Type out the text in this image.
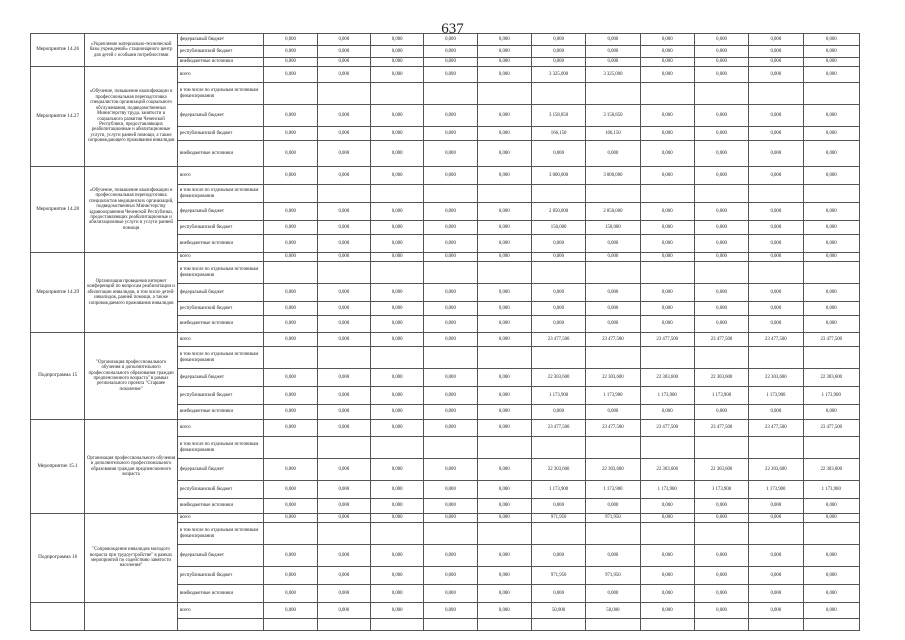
637
Мероприятие 14.26	«Укрепление материально-технической базы учреждений» стационарного центр для детей с особыми потребностями	федеральный бюджет	0,000	0,000	0,000	0,000	0,000	0,000	0,000	0,000	0,000	0,000	0,000
		республиканский бюджет	0,000	0,000	0,000	0,000	0,000	0,000	0,000	0,000	0,000	0,000	0,000
		внебюджетные источники	0,000	0,000	0,000	0,000	0,000	0,000	0,000	0,000	0,000	0,000	0,000
Мероприятие 14.27	«Обучение, повышение квалификации и профессиональная переподготовка специалистов организаций социального обслуживания, подведомственных Министерству труда, занятости и социального развития Чеченской Республики, предоставляющих реабилитационные и абилитационные услуги, услуги ранней помощи, а также сопровождающего проживания инвалидов	всего	0,000	0,000	0,000	0,000	0,000	3 325,000	3 325,000	0,000	0,000	0,000	0,000
		в том числе по отдельным источникам финансирования											
		федеральный бюджет	0,000	0,000	0,000	0,000	0,000	3 158,850	3 158,850	0,000	0,000	0,000	0,000
		республиканский бюджет	0,000	0,000	0,000	0,000	0,000	166,150	166,150	0,000	0,000	0,000	0,000
		внебюджетные источники	0,000	0,000	0,000	0,000	0,000	0,000	0,000	0,000	0,000	0,000	0,000
Мероприятие 14.28	«Обучение, повышение квалификации и профессиональная переподготовка специалистов медицинских организаций, подведомственных Министерству здравоохранения Чеченской Республики, предоставляющих реабилитационные и абилитационные услуги и услуги ранней помощи	всего	0,000	0,000	0,000	0,000	0,000	3 000,000	3 000,000	0,000	0,000	0,000	0,000
		в том числе по отдельным источникам финансирования											
		федеральный бюджет	0,000	0,000	0,000	0,000	0,000	2 850,000	2 850,000	0,000	0,000	0,000	0,000
		республиканский бюджет	0,000	0,000	0,000	0,000	0,000	150,000	150,000	0,000	0,000	0,000	0,000
		внебюджетные источники	0,000	0,000	0,000	0,000	0,000	0,000	0,000	0,000	0,000	0,000	0,000
Мероприятие 14.29	Организация проведения интернет конференций по вопросам реабилитации и абилитации инвалидов, в том числе детей-инвалидов, ранней помощи, а также сопровождаемого проживания инвалидов	всего	0,000	0,000	0,000	0,000	0,000	0,000	0,000	0,000	0,000	0,000	0,000
		в том числе по отдельным источникам финансирования											
		федеральный бюджет	0,000	0,000	0,000	0,000	0,000	0,000	0,000	0,000	0,000	0,000	0,000
		республиканский бюджет	0,000	0,000	0,000	0,000	0,000	0,000	0,000	0,000	0,000	0,000	0,000
		внебюджетные источники	0,000	0,000	0,000	0,000	0,000	0,000	0,000	0,000	0,000	0,000	0,000
Подпрограмма 15	"Организация профессионального обучения и дополнительного профессионального образования граждан предпенсионного возраста" в рамках регионального проекта "Старшее поколение"	всего	0,000	0,000	0,000	0,000	0,000	23 477,500	23 477,500	23 477,500	23 477,500	23 477,500	23 477,500
		в том числе по отдельным источникам финансирования											
		федеральный бюджет	0,000	0,000	0,000	0,000	0,000	22 303,600	22 303,600	22 303,600	22 303,600	22 303,600	22 303,600
		республиканский бюджет	0,000	0,000	0,000	0,000	0,000	1 173,900	1 173,900	1 173,900	1 173,900	1 173,900	1 173,900
		внебюджетные источники	0,000	0,000	0,000	0,000	0,000	0,000	0,000	0,000	0,000	0,000	0,000
Мероприятие 15.1	Организация профессионального обучения и дополнительного профессионального образования граждан предпенсионного возраста	всего	0,000	0,000	0,000	0,000	0,000	23 477,500	23 477,500	23 477,500	23 477,500	23 477,500	23 477,500
		в том числе по отдельным источникам финансирования											
		федеральный бюджет	0,000	0,000	0,000	0,000	0,000	22 303,600	22 303,600	22 303,600	22 303,600	22 303,600	22 303,600
		республиканский бюджет	0,000	0,000	0,000	0,000	0,000	1 173,900	1 173,900	1 173,900	1 173,900	1 173,900	1 173,900
		внебюджетные источники	0,000	0,000	0,000	0,000	0,000	0,000	0,000	0,000	0,000	0,000	0,000
Подпрограмма 16	"Сопровождение инвалидов молодого возраста при трудоустройстве" в рамках мероприятий по содействию занятости населения"	всего	0,000	0,000	0,000	0,000	0,000	971,950	971,950	0,000	0,000	0,000	0,000
		в том числе по отдельным источникам финансирования											
		федеральный бюджет	0,000	0,000	0,000	0,000	0,000	0,000	0,000	0,000	0,000	0,000	0,000
		республиканский бюджет	0,000	0,000	0,000	0,000	0,000	971,950	971,950	0,000	0,000	0,000	0,000
		внебюджетные источники	0,000	0,000	0,000	0,000	0,000	0,000	0,000	0,000	0,000	0,000	0,000
		всего	0,000	0,000	0,000	0,000	0,000	50,000	50,000	0,000	0,000	0,000	0,000
